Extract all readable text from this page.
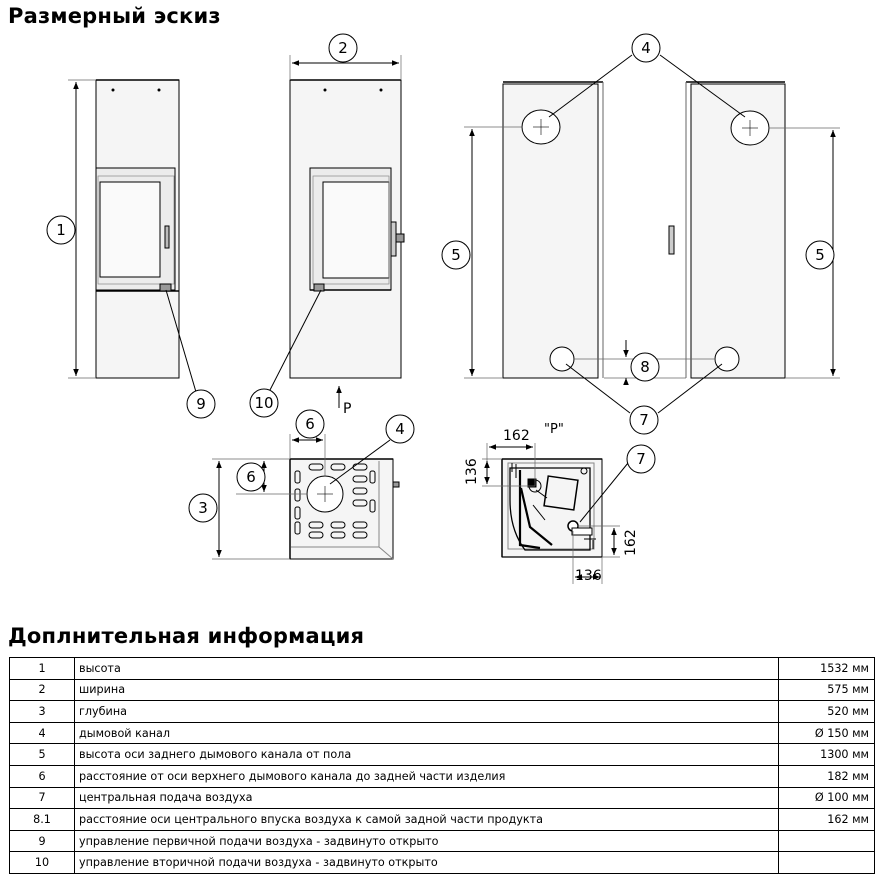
Размерный эскиз
1
2	4
5	5
8
7
9	10
6	4
6
3
7
P
"P"
162
136
162
136
Доплнительная информация
1	высота	1532 мм
2	ширина	575 мм
3	глубина	520 мм
4	дымовой канал	Ø 150 мм
5	высота оси заднего дымового канала от пола	1300 мм
6	расстояние от оси верхнего дымового канала до задней части изделия	182 мм
7	центральная подача воздуха	Ø 100 мм
8.1	расстояние оси центрального впуска воздуха к самой задной части продукта	162 мм
9	управление первичной подачи воздуха - задвинуто открыто	
10	управление вторичной подачи воздуха - задвинуто открыто	
